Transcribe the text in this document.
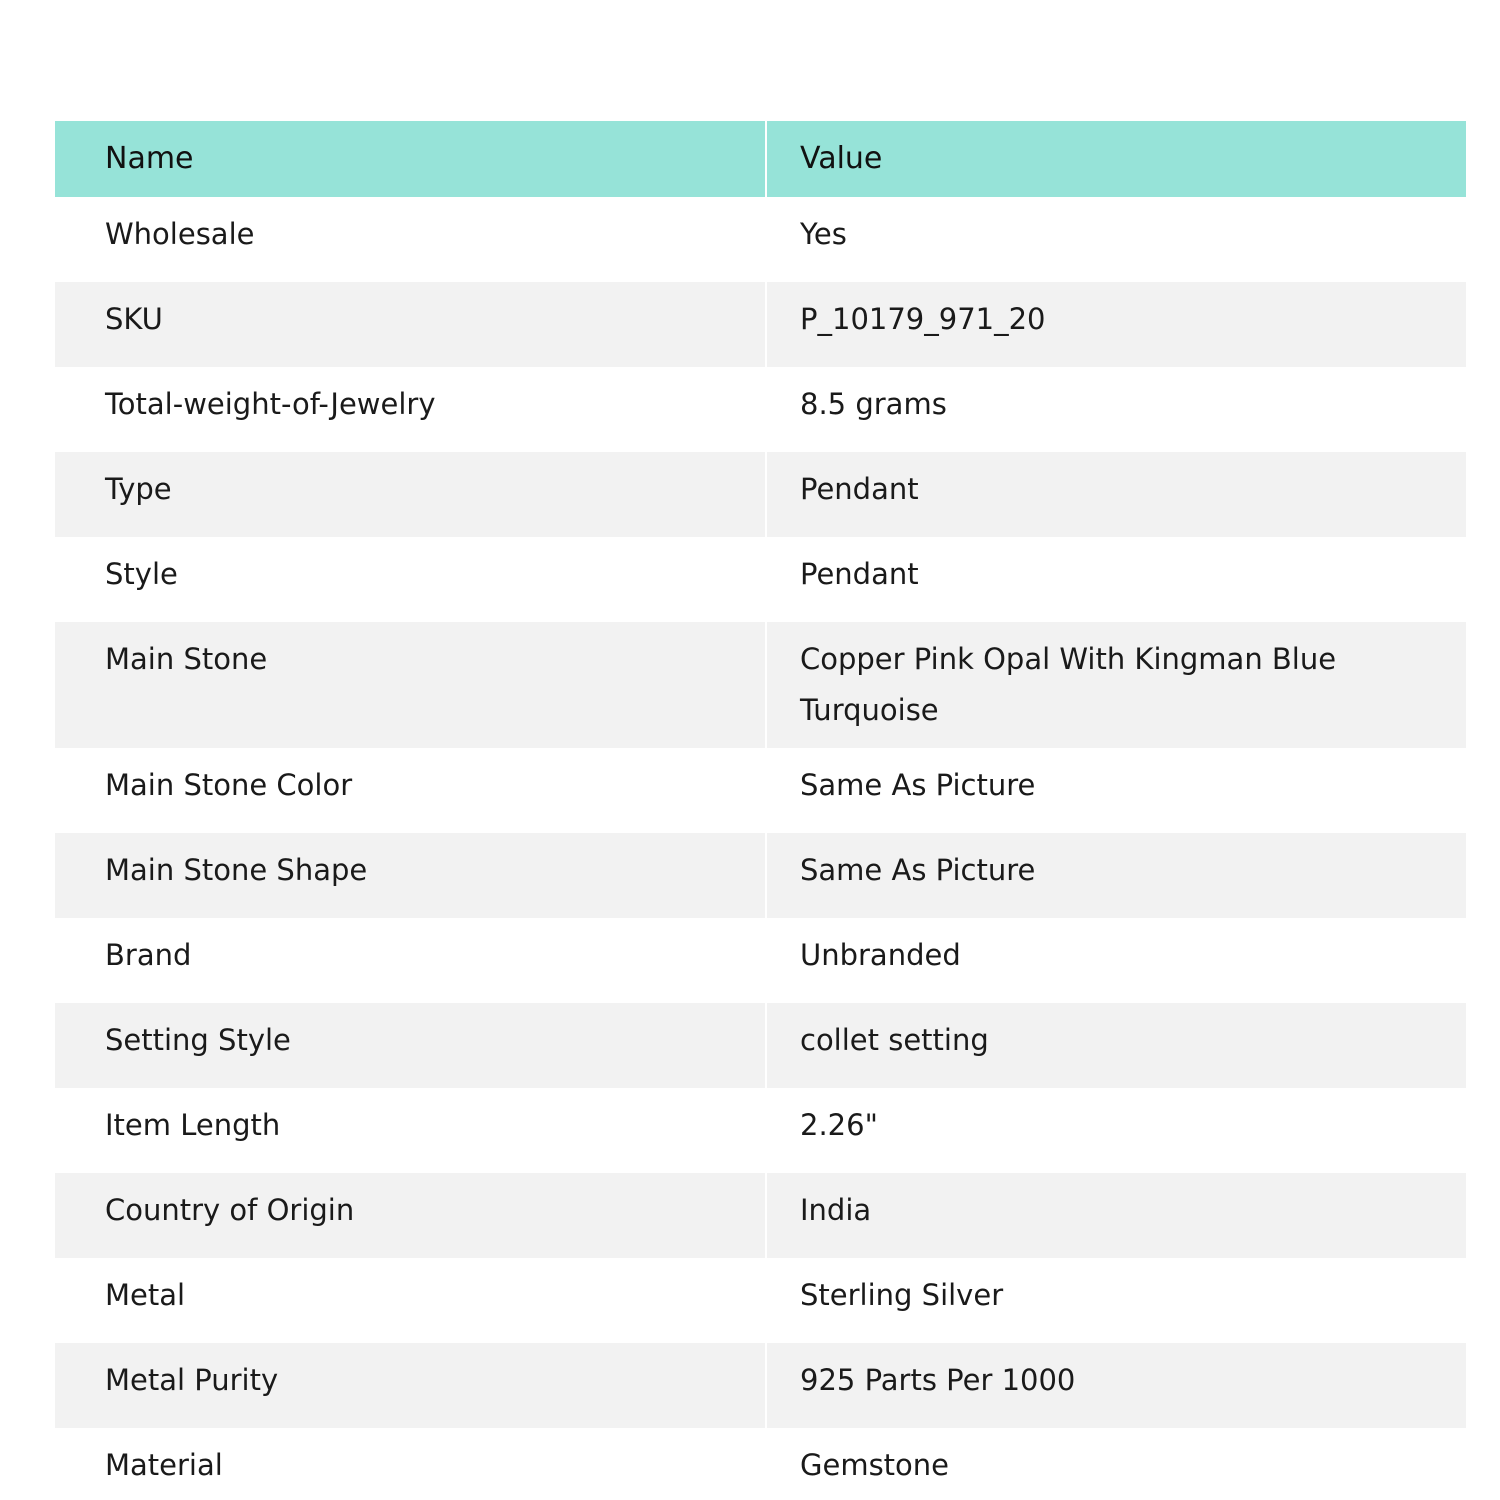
Name	Value
Wholesale	Yes
SKU	P_10179_971_20
Total-weight-of-Jewelry	8.5 grams
Type	Pendant
Style	Pendant
Main Stone	Copper Pink Opal With Kingman Blue Turquoise
Main Stone Color	Same As Picture
Main Stone Shape	Same As Picture
Brand	Unbranded
Setting Style	collet setting
Item Length	2.26"
Country of Origin	India
Metal	Sterling Silver
Metal Purity	925 Parts Per 1000
Material	Gemstone
